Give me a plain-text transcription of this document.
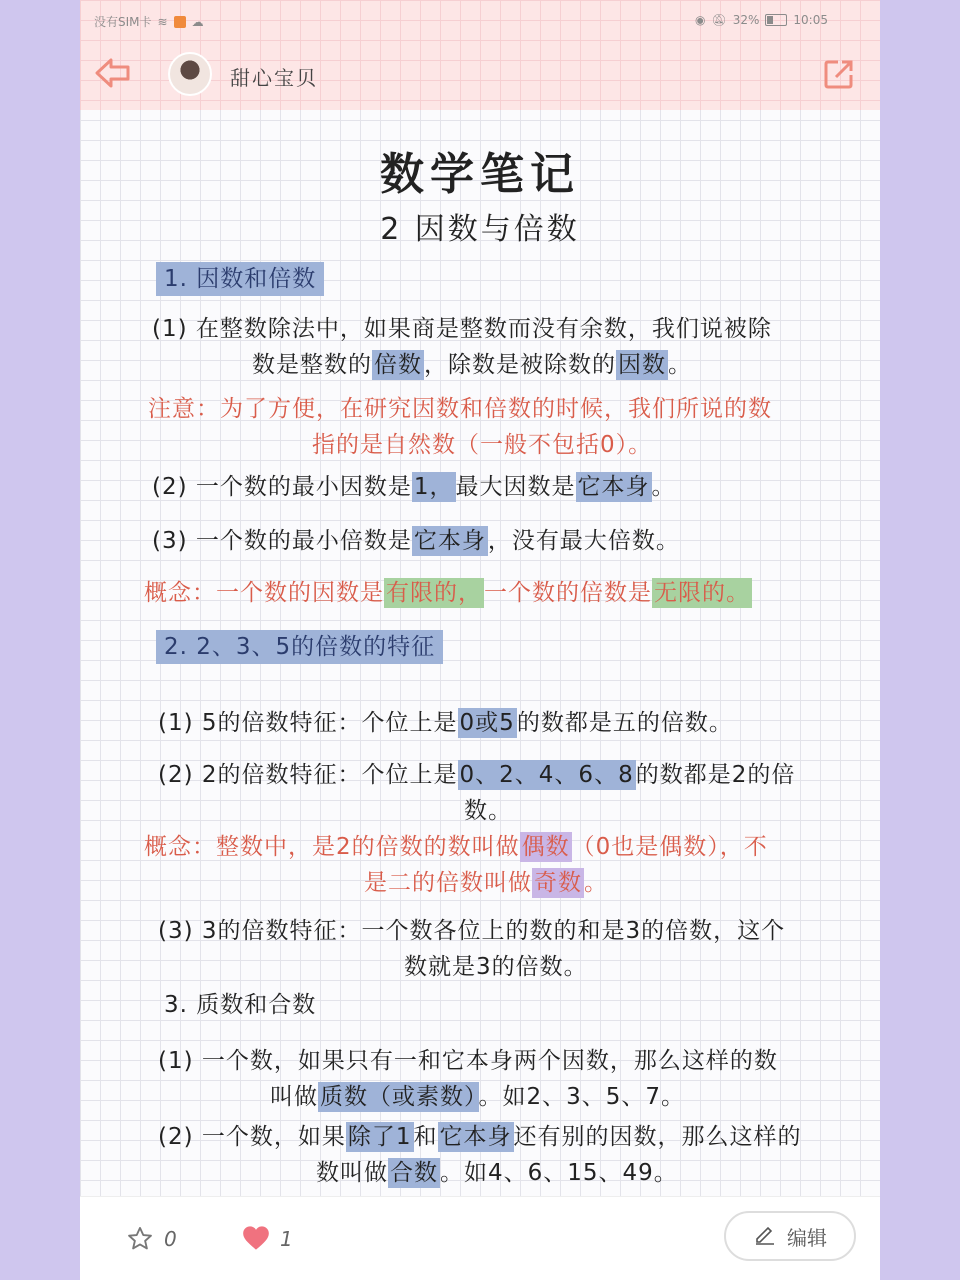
没有SIM卡 ≋ ☁	◉ 🔕︎ 32%	10:05
甜心宝贝
数学笔记
2 因数与倍数
1. 因数和倍数
(1) 在整数除法中，如果商是整数而没有余数，我们说被除
数是整数的倍数，除数是被除数的因数。
注意：为了方便，在研究因数和倍数的时候，我们所说的数
指的是自然数（一般不包括0）。
(2) 一个数的最小因数是1，最大因数是它本身。
(3) 一个数的最小倍数是它本身，没有最大倍数。
概念：一个数的因数是有限的，一个数的倍数是无限的。
2. 2、3、5的倍数的特征
(1) 5的倍数特征：个位上是0或5的数都是五的倍数。
(2) 2的倍数特征：个位上是0、2、4、6、8的数都是2的倍
数。
概念：整数中，是2的倍数的数叫做偶数（0也是偶数），不
是二的倍数叫做奇数。
(3) 3的倍数特征：一个数各位上的数的和是3的倍数，这个
数就是3的倍数。
3. 质数和合数
(1) 一个数，如果只有一和它本身两个因数，那么这样的数
叫做质数（或素数）。如2、3、5、7。
(2) 一个数，如果除了1和它本身还有别的因数，那么这样的
数叫做合数。如4、6、15、49。
0	1	编辑
